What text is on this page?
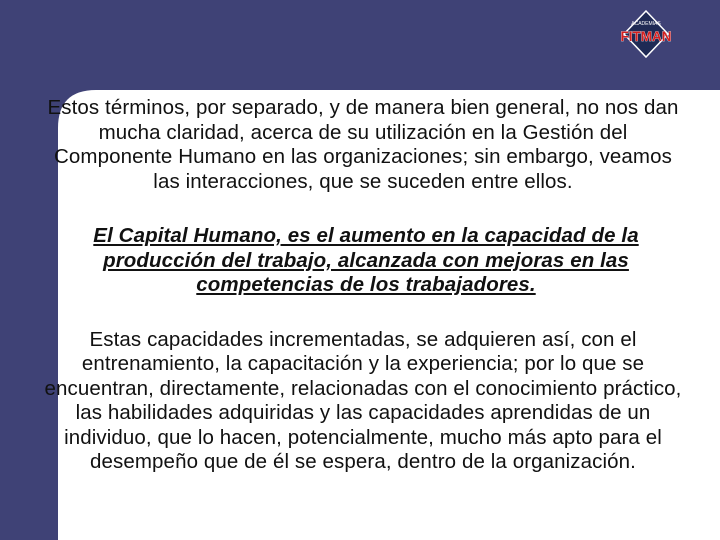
ACADEMIAS
FITMAN

Estos términos, por separado, y de manera bien general, no nos dan mucha claridad, acerca de su utilización en la Gestión del Componente Humano en las organizaciones; sin embargo, veamos las interacciones, que se suceden entre ellos.

El Capital Humano, es el aumento en la capacidad de la producción del trabajo, alcanzada con mejoras en las competencias de los trabajadores.

Estas capacidades incrementadas, se adquieren así, con el entrenamiento, la capacitación y la experiencia; por lo que se encuentran, directamente, relacionadas con el conocimiento práctico, las habilidades adquiridas y las capacidades aprendidas de un individuo, que lo hacen, potencialmente, mucho más apto para el desempeño que de él se espera, dentro de la organización.
